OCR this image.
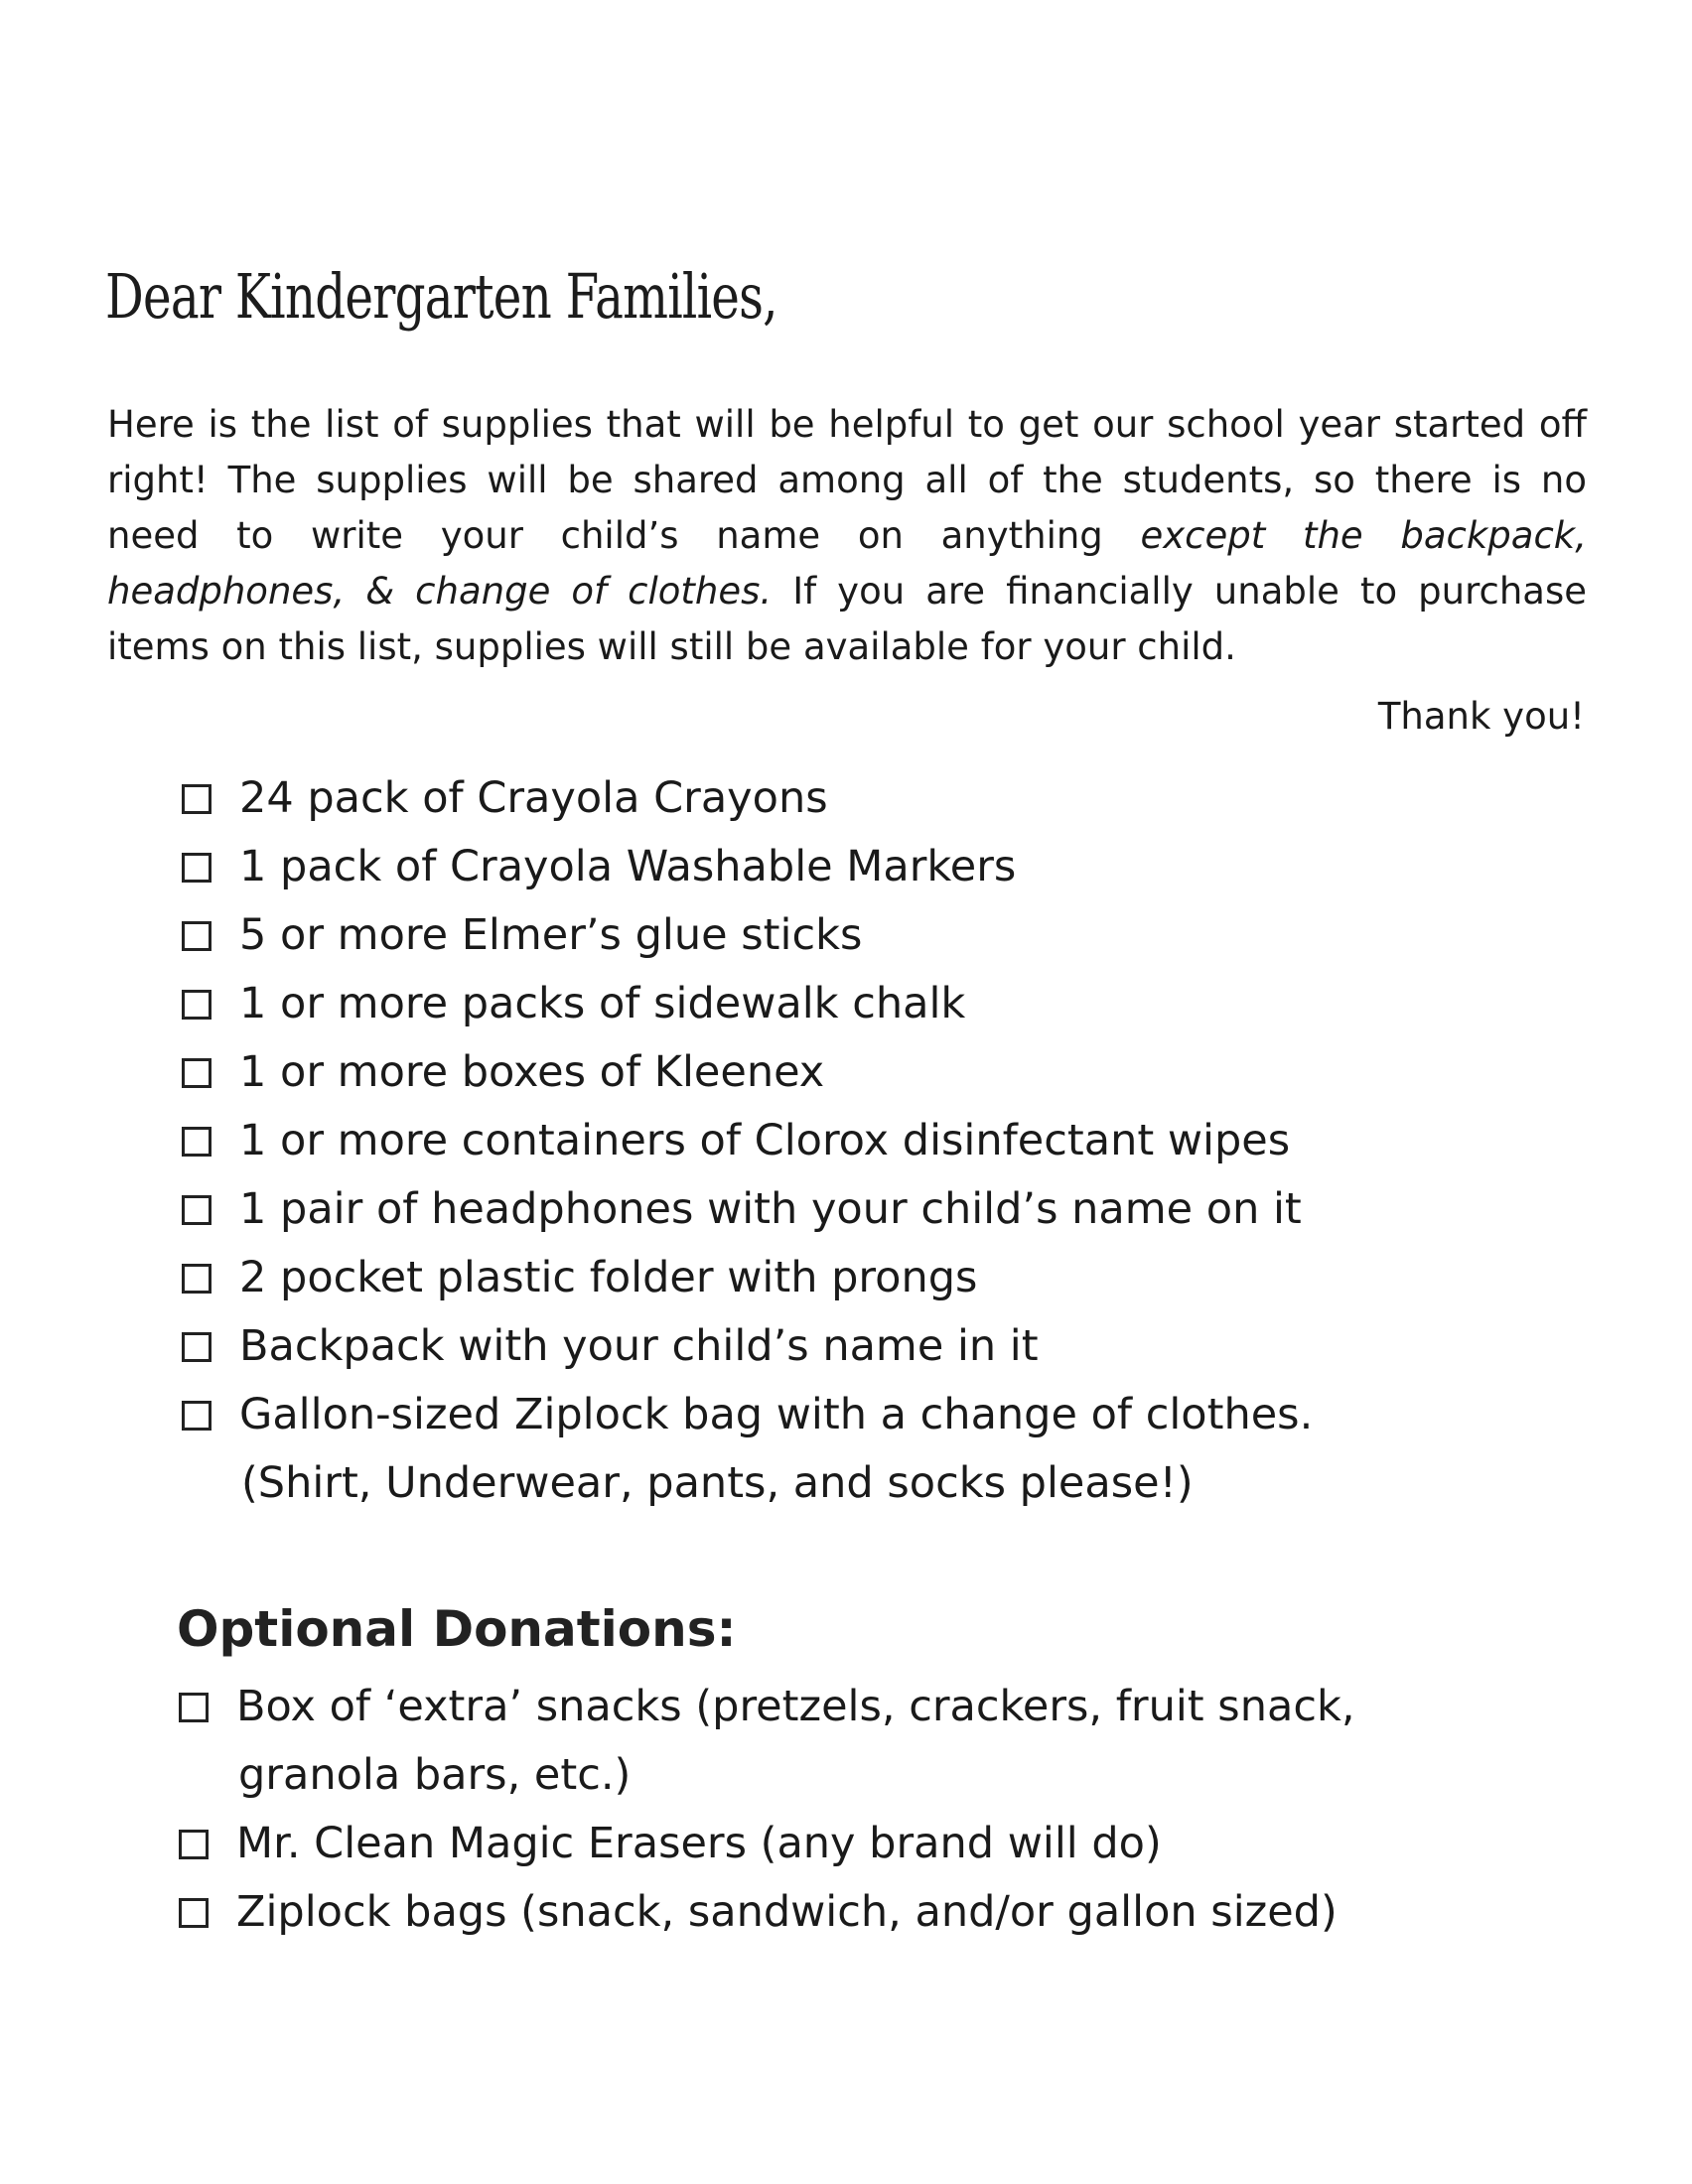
Dear Kindergarten Families,
Here is the list of supplies that will be helpful to get our school year started off
right! The supplies will be shared among all of the students, so there is no
need to write your child’s name on anything except the backpack,
headphones, & change of clothes. If you are financially unable to purchase
items on this list, supplies will still be available for your child.
Thank you!
24 pack of Crayola Crayons
1 pack of Crayola Washable Markers
5 or more Elmer’s glue sticks
1 or more packs of sidewalk chalk
1 or more boxes of Kleenex
1 or more containers of Clorox disinfectant wipes
1 pair of headphones with your child’s name on it
2 pocket plastic folder with prongs
Backpack with your child’s name in it
Gallon-sized Ziplock bag with a change of clothes.
(Shirt, Underwear, pants, and socks please!)
Optional Donations:
Box of ‘extra’ snacks (pretzels, crackers, fruit snack,
granola bars, etc.)
Mr. Clean Magic Erasers (any brand will do)
Ziplock bags (snack, sandwich, and/or gallon sized)
